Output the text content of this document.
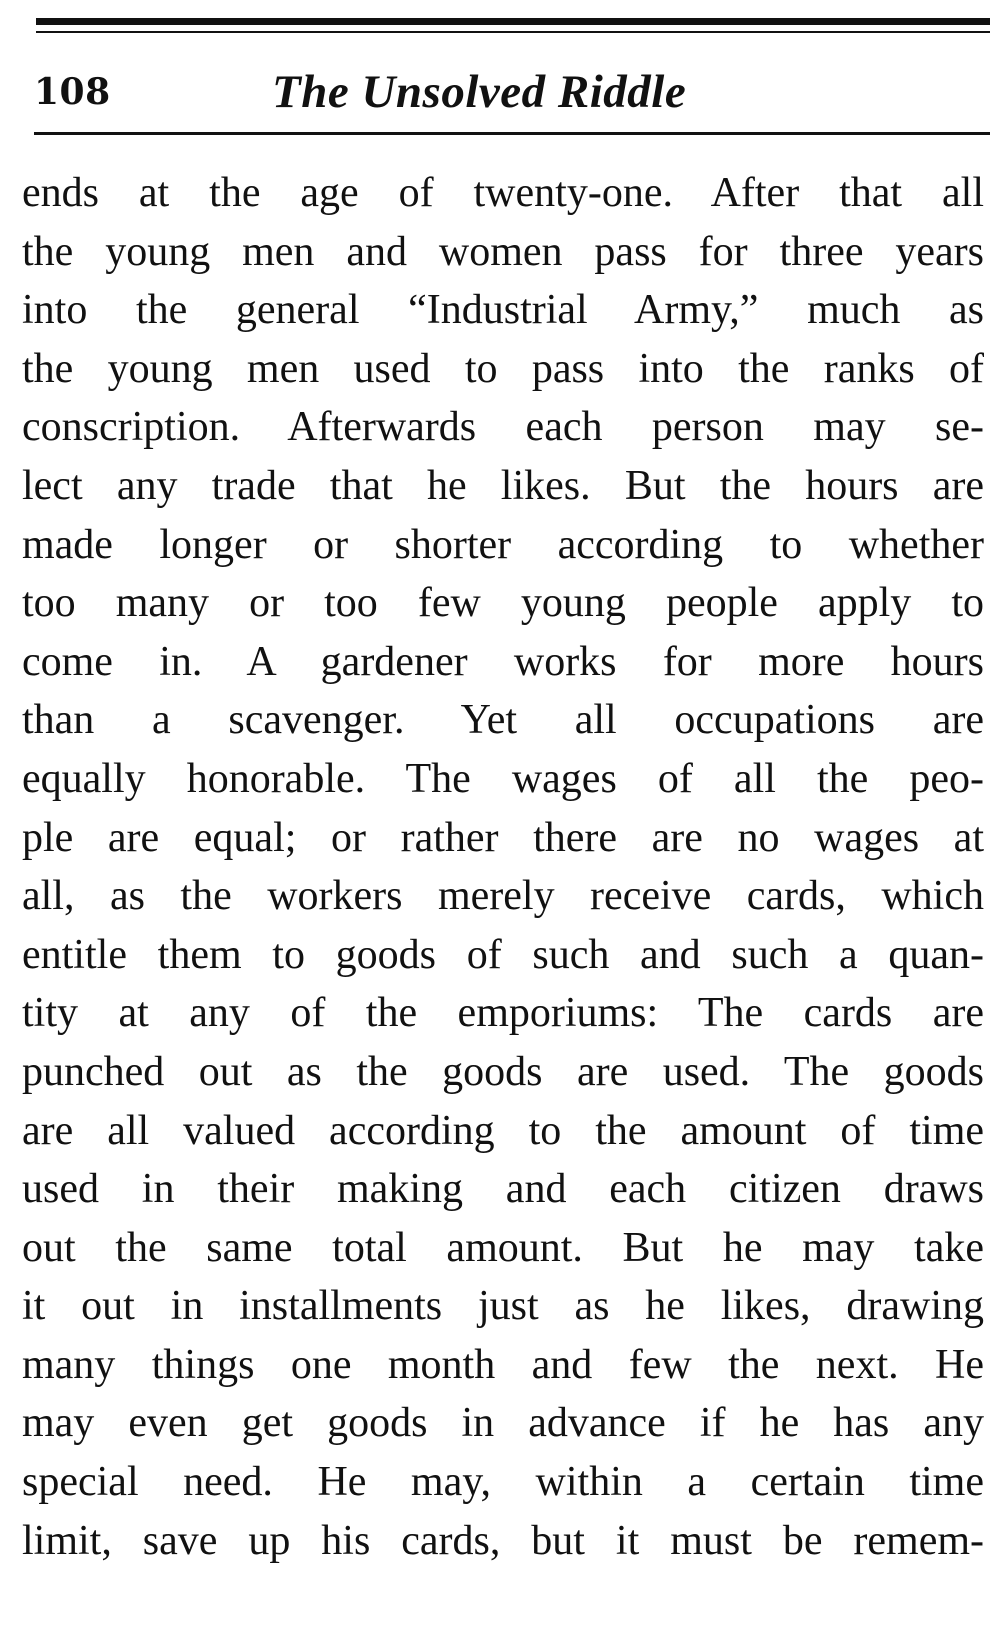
108	The Unsolved Riddle
ends at the age of twenty-one. After that all
the young men and women pass for three years
into the general “Industrial Army,” much as
the young men used to pass into the ranks of
conscription. Afterwards each person may se-
lect any trade that he likes. But the hours are
made longer or shorter according to whether
too many or too few young people apply to
come in. A gardener works for more hours
than a scavenger. Yet all occupations are
equally honorable. The wages of all the peo-
ple are equal; or rather there are no wages at
all, as the workers merely receive cards, which
entitle them to goods of such and such a quan-
tity at any of the emporiums: The cards are
punched out as the goods are used. The goods
are all valued according to the amount of time
used in their making and each citizen draws
out the same total amount. But he may take
it out in installments just as he likes, drawing
many things one month and few the next. He
may even get goods in advance if he has any
special need. He may, within a certain time
limit, save up his cards, but it must be remem-
